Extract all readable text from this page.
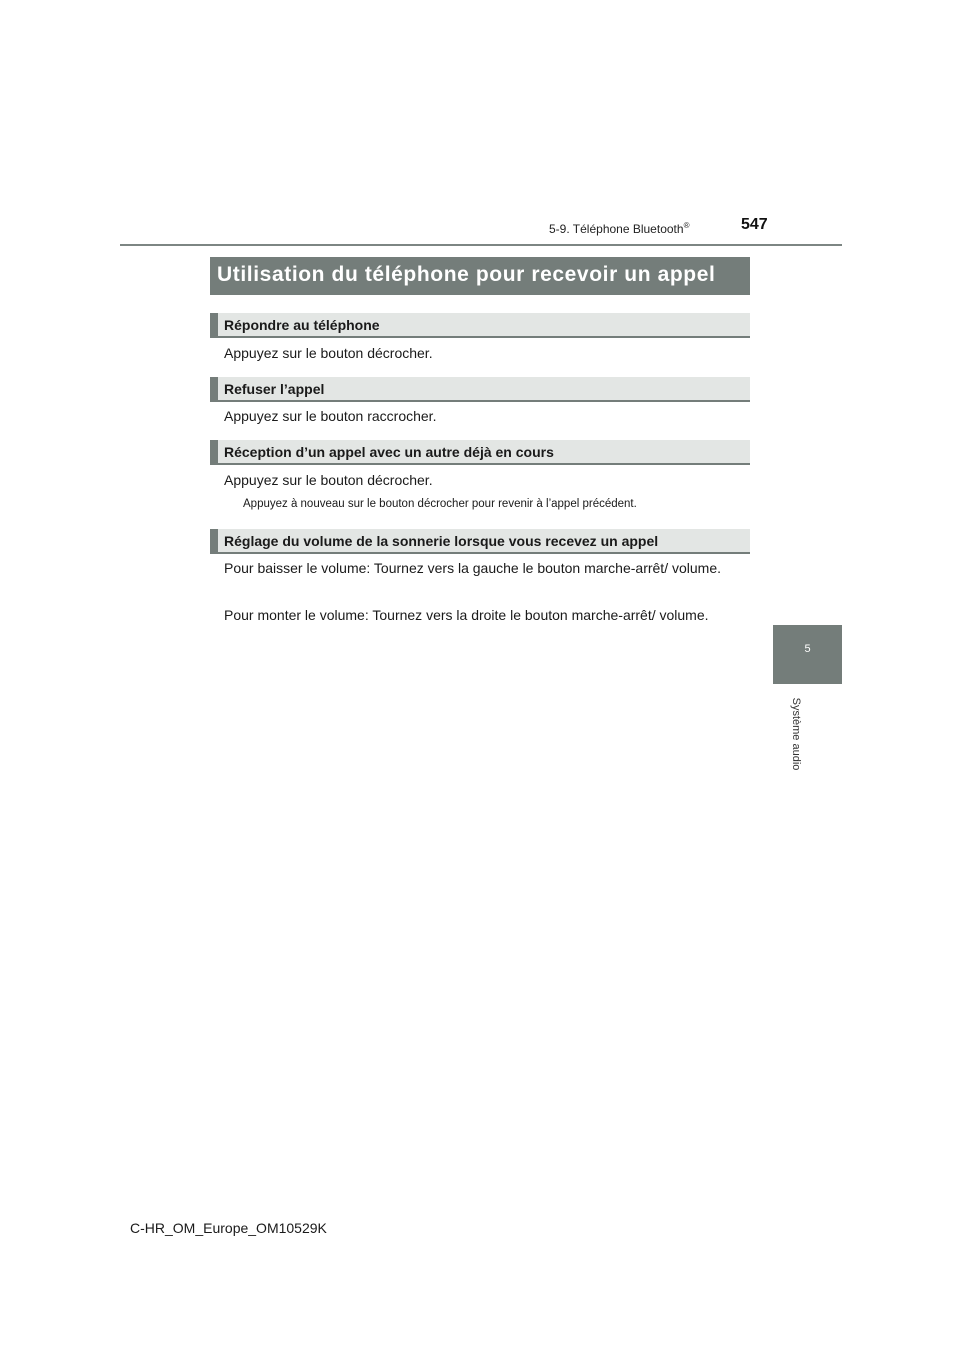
5-9. Téléphone Bluetooth®	547
5
Système audio
Utilisation du téléphone pour recevoir un appel
Répondre au téléphone
Appuyez sur le bouton décrocher.
Refuser l’appel
Appuyez sur le bouton raccrocher.
Réception d’un appel avec un autre déjà en cours
Appuyez sur le bouton décrocher.
Appuyez à nouveau sur le bouton décrocher pour revenir à l’appel précédent.
Réglage du volume de la sonnerie lorsque vous recevez un appel
Pour baisser le volume: Tournez vers la gauche le bouton marche-arrêt/ volume.
Pour monter le volume: Tournez vers la droite le bouton marche-arrêt/ volume.
C-HR_OM_Europe_OM10529K
